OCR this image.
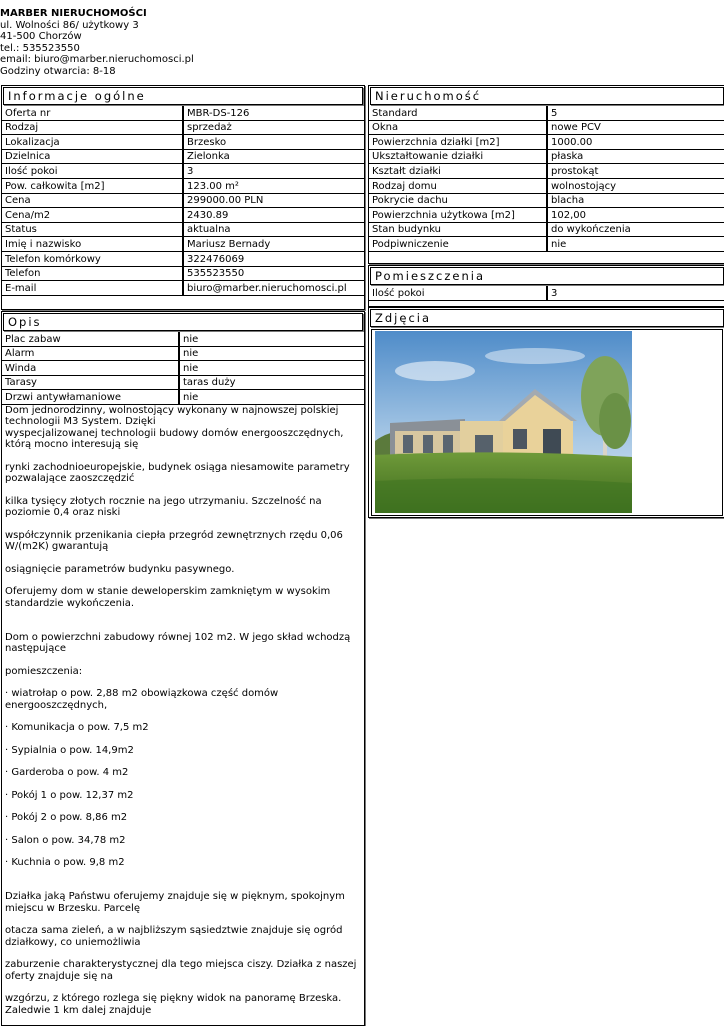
MARBER NIERUCHOMOŚCI
ul. Wolności 86/ użytkowy 3
41-500 Chorzów
tel.: 535523550
email: biuro@marber.nieruchomosci.pl
Godziny otwarcia: 8-18
Informacje ogólne
Oferta nr	MBR-DS-126
Rodzaj	sprzedaż
Lokalizacja	Brzesko
Dzielnica	Zielonka
Ilość pokoi	3
Pow. całkowita [m2]	123.00 m²
Cena	299000.00 PLN
Cena/m2	2430.89
Status	aktualna
Imię i nazwisko	Mariusz Bernady
Telefon komórkowy	322476069
Telefon	535523550
E-mail	biuro@marber.nieruchomosci.pl
Opis
Plac zabaw	nie
Alarm	nie
Winda	nie
Tarasy	taras duży
Drzwi antywłamaniowe	nie

Dom jednorodzinny, wolnostojący wykonany w najnowszej polskiej technologii M3 System. Dzięki
wyspecjalizowanej technologii budowy domów energooszczędnych, którą mocno interesują się

rynki zachodnioeuropejskie, budynek osiąga niesamowite parametry pozwalające zaoszczędzić

kilka tysięcy złotych rocznie na jego utrzymaniu. Szczelność na poziomie 0,4 oraz niski

współczynnik przenikania ciepła przegród zewnętrznych rzędu 0,06 W/(m2K) gwarantują

osiągnięcie parametrów budynku pasywnego.

Oferujemy dom w stanie deweloperskim zamkniętym w wysokim standardzie wykończenia.

Dom o powierzchni zabudowy równej 102 m2. W jego skład wchodzą następujące

pomieszczenia:

· wiatrołap o pow. 2,88 m2 obowiązkowa część domów energooszczędnych,

· Komunikacja o pow. 7,5 m2

· Sypialnia o pow. 14,9m2

· Garderoba o pow. 4 m2

· Pokój 1 o pow. 12,37 m2

· Pokój 2 o pow. 8,86 m2

· Salon o pow. 34,78 m2

· Kuchnia o pow. 9,8 m2

Działka jaką Państwu oferujemy znajduje się w pięknym, spokojnym miejscu w Brzesku. Parcelę

otacza sama zieleń, a w najbliższym sąsiedztwie znajduje się ogród działkowy, co uniemożliwia

zaburzenie charakterystycznej dla tego miejsca ciszy. Działka z naszej oferty znajduje się na

wzgórzu, z którego rozlega się piękny widok na panoramę Brzeska. Zaledwie 1 km dalej znajduje

Nieruchomość
Standard	5
Okna	nowe PCV
Powierzchnia działki [m2]	1000.00
Ukształtowanie działki	płaska
Kształt działki	prostokąt
Rodzaj domu	wolnostojący
Pokrycie dachu	blacha
Powierzchnia użytkowa [m2]	102,00
Stan budynku	do wykończenia
Podpiwniczenie	nie
Pomieszczenia
Ilość pokoi	3
Zdjęcia
